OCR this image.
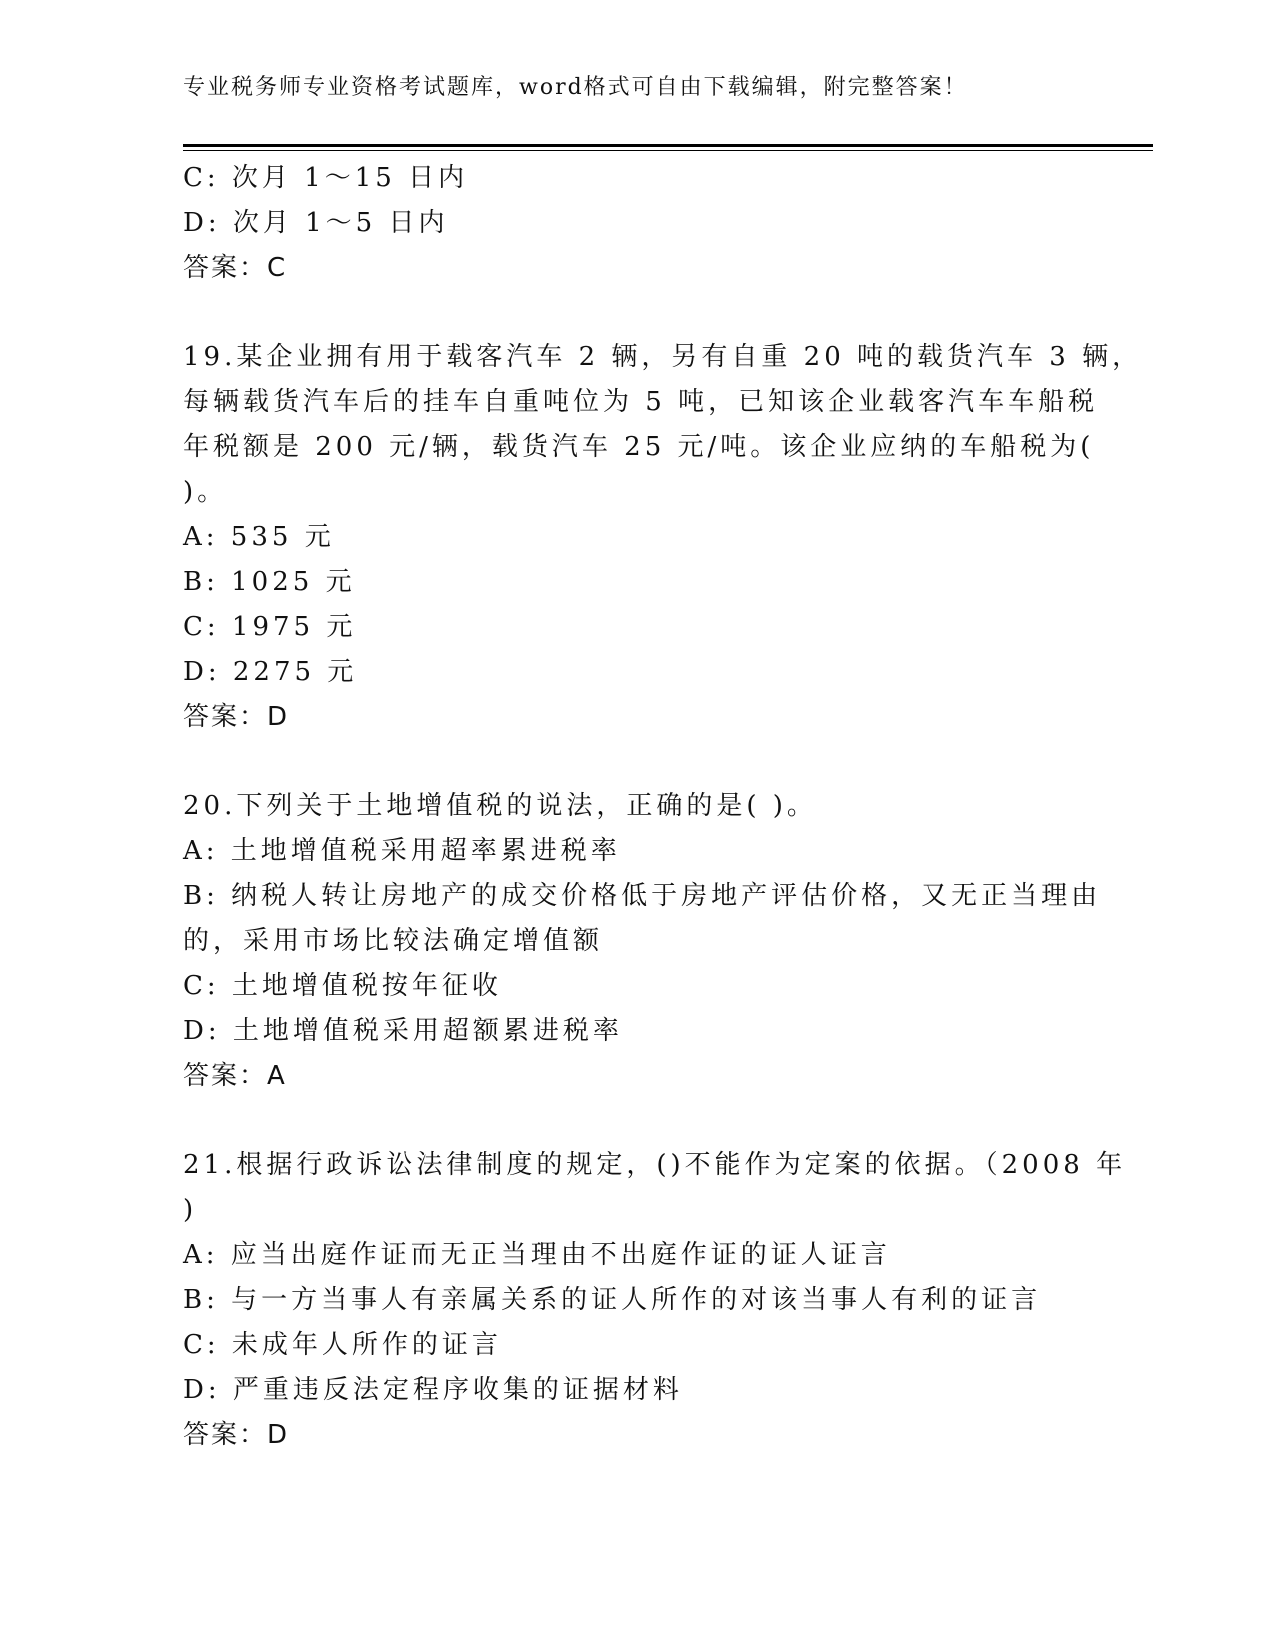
专业税务师专业资格考试题库，word格式可自由下载编辑，附完整答案！
C: 次月 1～15 日内
D: 次月 1～5 日内
答案：C
19.某企业拥有用于载客汽车 2 辆，另有自重 20 吨的载货汽车 3 辆，
每辆载货汽车后的挂车自重吨位为 5 吨，已知该企业载客汽车车船税
年税额是 200 元/辆，载货汽车 25 元/吨。该企业应纳的车船税为(
)。
A: 535 元
B: 1025 元
C: 1975 元
D: 2275 元
答案：D
20.下列关于土地增值税的说法，正确的是( )。
A: 土地增值税采用超率累进税率
B: 纳税人转让房地产的成交价格低于房地产评估价格，又无正当理由
的，采用市场比较法确定增值额
C: 土地增值税按年征收
D: 土地增值税采用超额累进税率
答案：A
21.根据行政诉讼法律制度的规定，()不能作为定案的依据。（2008 年
)
A: 应当出庭作证而无正当理由不出庭作证的证人证言
B: 与一方当事人有亲属关系的证人所作的对该当事人有利的证言
C: 未成年人所作的证言
D: 严重违反法定程序收集的证据材料
答案：D
